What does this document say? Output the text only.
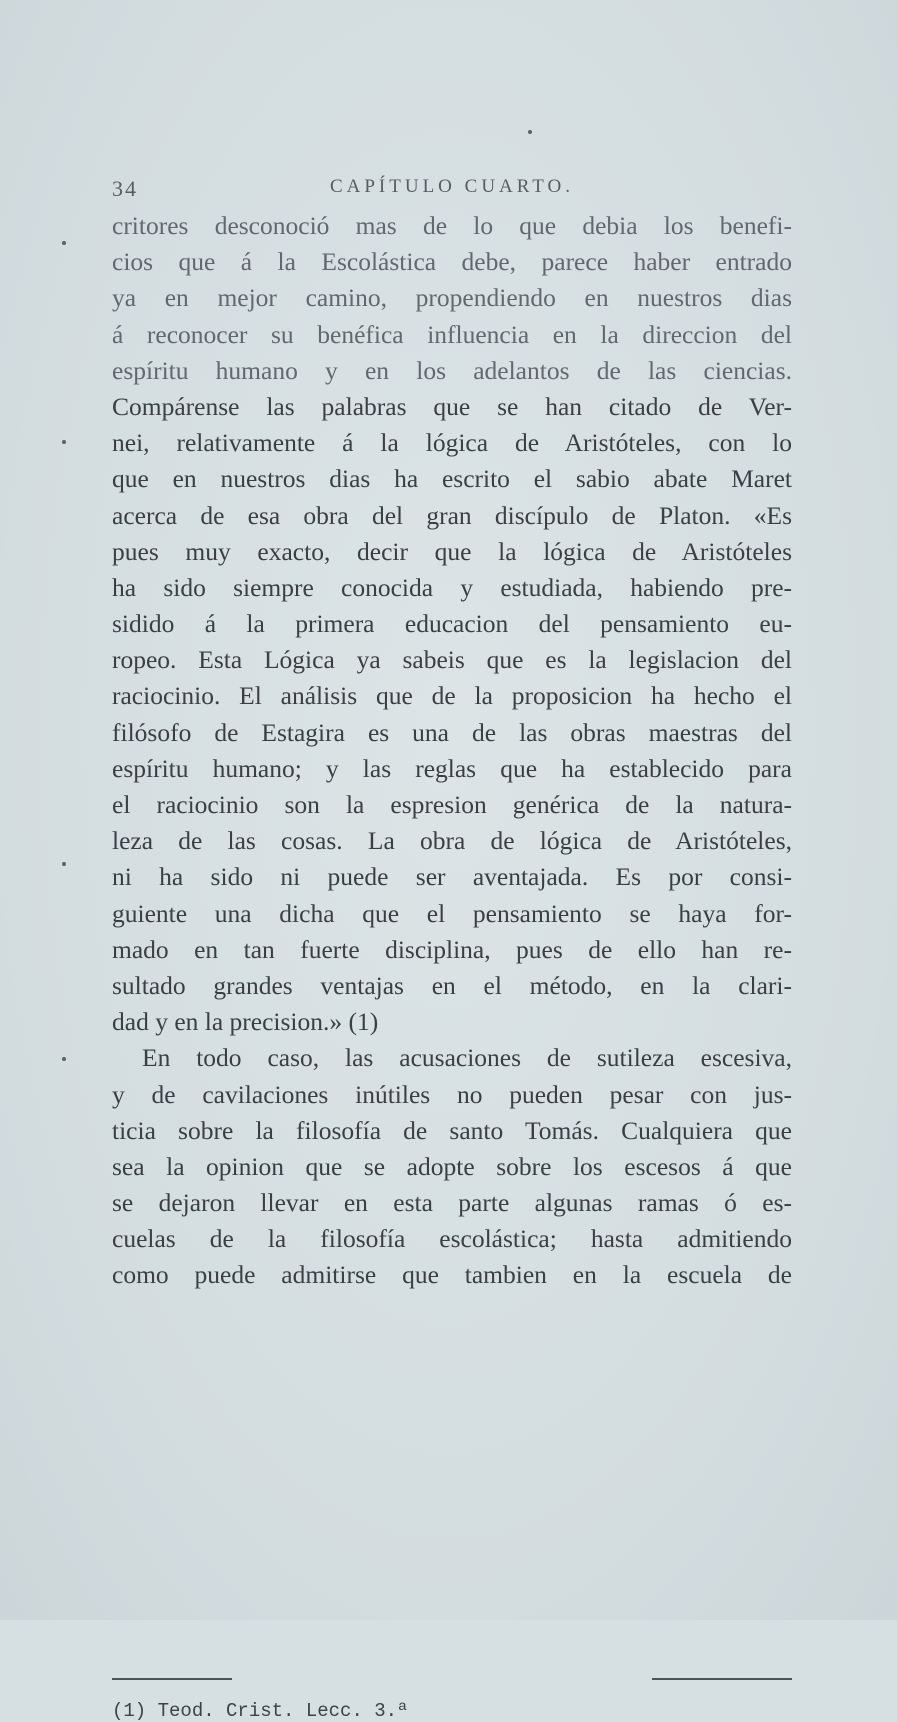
34	CAPÍTULO CUARTO.
critores desconoció mas de lo que debia los benefi-
cios que á la Escolástica debe, parece haber entrado
ya en mejor camino, propendiendo en nuestros dias
á reconocer su benéfica influencia en la direccion del
espíritu humano y en los adelantos de las ciencias.
Compárense las palabras que se han citado de Ver-
nei, relativamente á la lógica de Aristóteles, con lo
que en nuestros dias ha escrito el sabio abate Maret
acerca de esa obra del gran discípulo de Platon. «Es
pues muy exacto, decir que la lógica de Aristóteles
ha sido siempre conocida y estudiada, habiendo pre-
sidido á la primera educacion del pensamiento eu-
ropeo. Esta Lógica ya sabeis que es la legislacion del
raciocinio. El análisis que de la proposicion ha hecho el
filósofo de Estagira es una de las obras maestras del
espíritu humano; y las reglas que ha establecido para
el raciocinio son la espresion genérica de la natura-
leza de las cosas. La obra de lógica de Aristóteles,
ni ha sido ni puede ser aventajada. Es por consi-
guiente una dicha que el pensamiento se haya for-
mado en tan fuerte disciplina, pues de ello han re-
sultado grandes ventajas en el método, en la clari-
dad y en la precision.» (1)
En todo caso, las acusaciones de sutileza escesiva,
y de cavilaciones inútiles no pueden pesar con jus-
ticia sobre la filosofía de santo Tomás. Cualquiera que
sea la opinion que se adopte sobre los escesos á que
se dejaron llevar en esta parte algunas ramas ó es-
cuelas de la filosofía escolástica; hasta admitiendo
como puede admitirse que tambien en la escuela de
(1) Teod. Crist. Lecc. 3.ª
